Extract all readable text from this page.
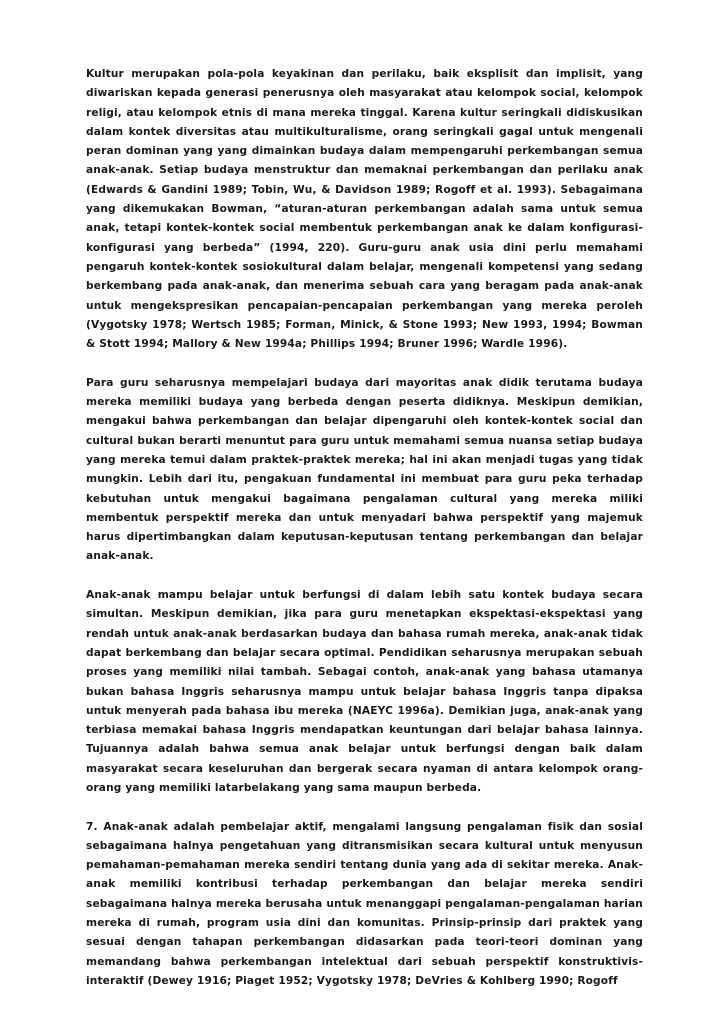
Kultur merupakan pola-pola keyakinan dan perilaku, baik eksplisit dan implisit, yang diwariskan kepada generasi penerusnya oleh masyarakat atau kelompok social, kelompok religi, atau kelompok etnis di mana mereka tinggal. Karena kultur seringkali didiskusikan dalam kontek diversitas atau multikulturalisme, orang seringkali gagal untuk mengenali peran dominan yang yang dimainkan budaya dalam mempengaruhi perkembangan semua anak-anak. Setiap budaya menstruktur dan memaknai perkembangan dan perilaku anak (Edwards & Gandini 1989; Tobin, Wu, & Davidson 1989; Rogoff et al. 1993). Sebagaimana yang dikemukakan Bowman, “aturan-aturan perkembangan adalah sama untuk semua anak, tetapi kontek-kontek social membentuk perkembangan anak ke dalam konfigurasi-konfigurasi yang berbeda” (1994, 220). Guru-guru anak usia dini perlu memahami pengaruh kontek-kontek sosiokultural dalam belajar, mengenali kompetensi yang sedang berkembang pada anak-anak, dan menerima sebuah cara yang beragam pada anak-anak untuk mengekspresikan pencapaian-pencapaian perkembangan yang mereka peroleh (Vygotsky 1978; Wertsch 1985; Forman, Minick, & Stone 1993; New 1993, 1994; Bowman & Stott 1994; Mallory & New 1994a; Phillips 1994; Bruner 1996; Wardle 1996).

Para guru seharusnya mempelajari budaya dari mayoritas anak didik terutama budaya mereka memiliki budaya yang berbeda dengan peserta didiknya. Meskipun demikian, mengakui bahwa perkembangan dan belajar dipengaruhi oleh kontek-kontek social dan cultural bukan berarti menuntut para guru untuk memahami semua nuansa setiap budaya yang mereka temui dalam praktek-praktek mereka; hal ini akan menjadi tugas yang tidak mungkin. Lebih dari itu, pengakuan fundamental ini membuat para guru peka terhadap kebutuhan untuk mengakui bagaimana pengalaman cultural yang mereka miliki membentuk perspektif mereka dan untuk menyadari bahwa perspektif yang majemuk harus dipertimbangkan dalam keputusan-keputusan tentang perkembangan dan belajar anak-anak.

Anak-anak mampu belajar untuk berfungsi di dalam lebih satu kontek budaya secara simultan. Meskipun demikian, jika para guru menetapkan ekspektasi-ekspektasi yang rendah untuk anak-anak berdasarkan budaya dan bahasa rumah mereka, anak-anak tidak dapat berkembang dan belajar secara optimal. Pendidikan seharusnya merupakan sebuah proses yang memiliki nilai tambah. Sebagai contoh, anak-anak yang bahasa utamanya bukan bahasa Inggris seharusnya mampu untuk belajar bahasa Inggris tanpa dipaksa untuk menyerah pada bahasa ibu mereka (NAEYC 1996a). Demikian juga, anak-anak yang terbiasa memakai bahasa Inggris mendapatkan keuntungan dari belajar bahasa lainnya. Tujuannya adalah bahwa semua anak belajar untuk berfungsi dengan baik dalam masyarakat secara keseluruhan dan bergerak secara nyaman di antara kelompok orang-orang yang memiliki latarbelakang yang sama maupun berbeda.

7. Anak-anak adalah pembelajar aktif, mengalami langsung pengalaman fisik dan sosial sebagaimana halnya pengetahuan yang ditransmisikan secara kultural untuk menyusun pemahaman-pemahaman mereka sendiri tentang dunia yang ada di sekitar mereka. Anak-anak memiliki kontribusi terhadap perkembangan dan belajar mereka sendiri sebagaimana halnya mereka berusaha untuk menanggapi pengalaman-pengalaman harian mereka di rumah, program usia dini dan komunitas. Prinsip-prinsip dari praktek yang sesuai dengan tahapan perkembangan didasarkan pada teori-teori dominan yang memandang bahwa perkembangan intelektual dari sebuah perspektif konstruktivis-interaktif (Dewey 1916; Piaget 1952; Vygotsky 1978; DeVries & Kohlberg 1990; Rogoff
